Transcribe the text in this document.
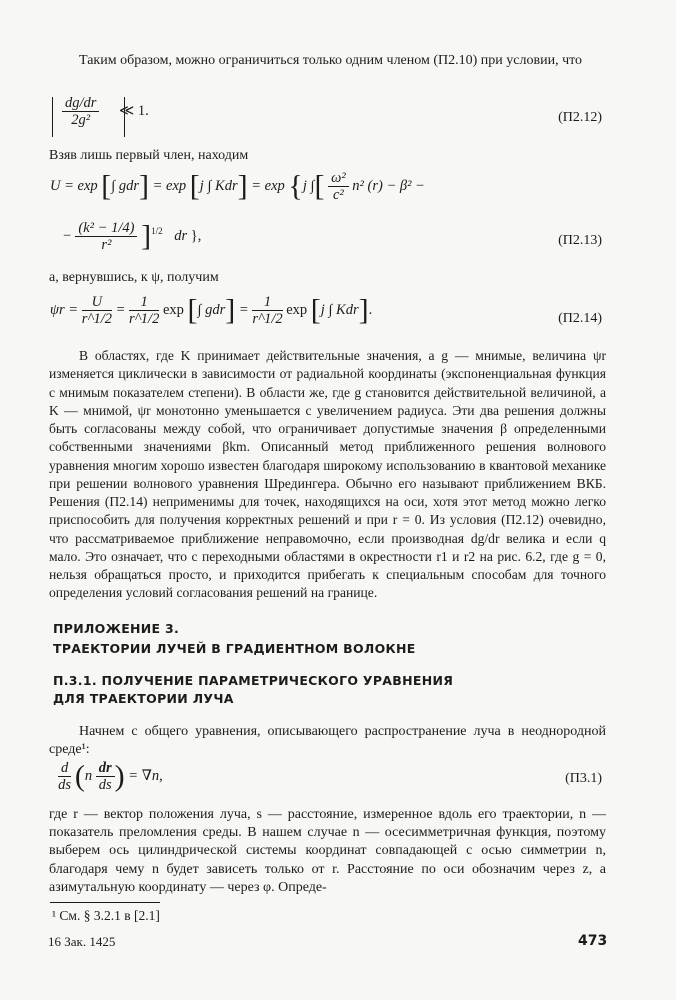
Таким образом, можно ограничиться только одним членом (П2.10) при условии, что
$\frac{dg/dr}{\text{2g²}}$
≪ 1.	(П2.12)
Взяв лишь первый член, находим
U = exp [∫ gdr] = exp [j ∫ Kdr] = exp {j ∫[ $\frac{\text{ω²}}{\text{c²}} n^2$ (r) − β² −
− $\frac{\text{(k² − 1/4)}}{\text{r²}} ]^{1/2}$ dr },	(П2.13)
а, вернувшись, к ψ, получим
$\psi r = \frac{U}{r\^{}1/2} = \frac{1}{r\^{}1/2}$ exp [∫ $gdr] = \frac{1}{r\^{}1/2}$ exp [j ∫ Kdr].
(П2.14)
В областях, где K принимает действительные значения, а g — мнимые, величина ψr изменяется циклически в зависимости от радиальной координаты (экспоненциальная функция с мнимым показателем степени). В области же, где g становится действительной величиной, а K — мнимой, ψr монотонно уменьшается с увеличением радиуса. Эти два решения должны быть согласованы между собой, что ограничивает допустимые значения β определенными собственными значениями βkm. Описанный метод приближенного решения волнового уравнения многим хорошо известен благодаря широкому использованию в квантовой механике при решении волнового уравнения Шредингера. Обычно его называют приближением ВКБ. Решения (П2.14) неприменимы для точек, находящихся на оси, хотя этот метод можно легко приспособить для получения корректных решений и при r = 0. Из условия (П2.12) очевидно, что рассматриваемое приближение неправомочно, если производная dg/dr велика и если q мало. Это означает, что с переходными областями в окрестности r1 и r2 на рис. 6.2, где g = 0, нельзя обращаться просто, и приходится прибегать к специальным способам для точного определения условий согласования решений на границе.
ПРИЛОЖЕНИЕ 3.
ТРАЕКТОРИИ ЛУЧЕЙ В ГРАДИЕНТНОМ ВОЛОКНЕ
П.3.1. ПОЛУЧЕНИЕ ПАРАМЕТРИЧЕСКОГО УРАВНЕНИЯ
ДЛЯ ТРАЕКТОРИИ ЛУЧА
Начнем с общего уравнения, описывающего распространение луча в неоднородной среде¹:
$\frac{d}{ds} (n \frac{dr}{ds}$ ) = ∇n,	(П3.1)
где r — вектор положения луча, s — расстояние, измеренное вдоль его траектории, n — показатель преломления среды. В нашем случае n — осесимметричная функция, поэтому выберем ось цилиндрической системы координат совпадающей с осью симметрии n, благодаря чему n будет зависеть только от r. Расстояние по оси обозначим через z, а азимутальную координату — через φ. Опреде-
¹ См. § 3.2.1 в [2.1]
16 Зак. 1425	473
